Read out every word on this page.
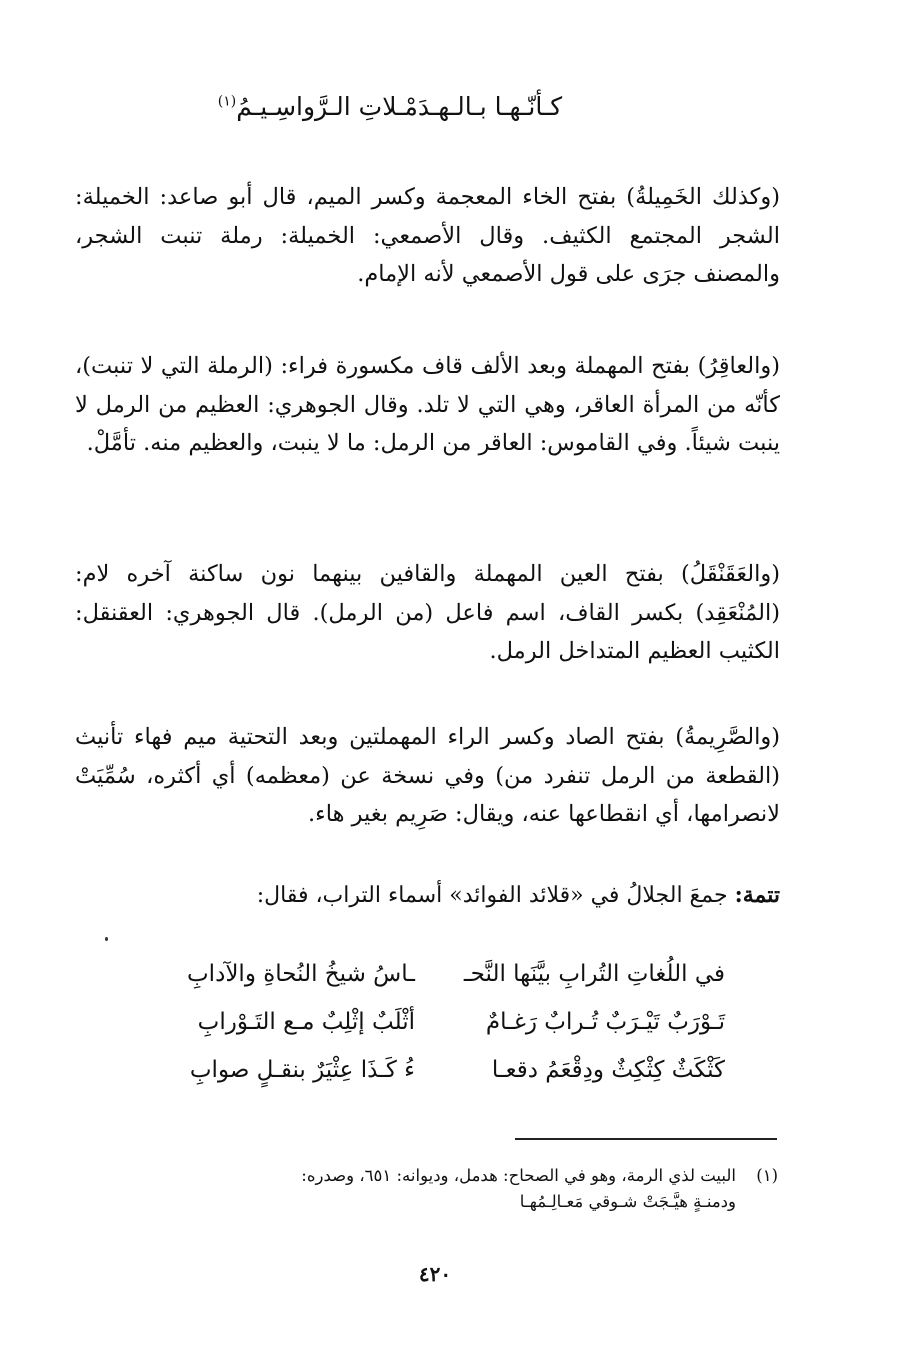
كـأنّـهـا بـالـهـدَمْـلاتِ الـرَّواسِـيـمُ$^{(١)}$
(وكذلك الخَمِيلةُ) بفتح الخاء المعجمة وكسر الميم، قال أبو صاعد: الخميلة: الشجر المجتمع الكثيف. وقال الأصمعي: الخميلة: رملة تنبت الشجر، والمصنف جرَى على قول الأصمعي لأنه الإمام.
(والعاقِرُ) بفتح المهملة وبعد الألف قاف مكسورة فراء: (الرملة التي لا تنبت)، كأنّه من المرأة العاقر، وهي التي لا تلد. وقال الجوهري: العظيم من الرمل لا ينبت شيئاً. وفي القاموس: العاقر من الرمل: ما لا ينبت، والعظيم منه. تأمَّلْ.
(والعَقَنْقَلُ) بفتح العين المهملة والقافين بينهما نون ساكنة آخره لام: (المُنْعَقِد) بكسر القاف، اسم فاعل (من الرمل). قال الجوهري: العقنقل: الكثيب العظيم المتداخل الرمل.
(والصَّرِيمةُ) بفتح الصاد وكسر الراء المهملتين وبعد التحتية ميم فهاء تأنيث (القطعة من الرمل تنفرد من) وفي نسخة عن (معظمه) أي أكثره، سُمِّيَتْ لانصرامها، أي انقطاعها عنه، ويقال: صَرِيم بغير هاء.
تتمة: جمعَ الجلالُ في «قلائد الفوائد» أسماء التراب، فقال:
في اللُغاتِ التُرابِ بيَّنَها النَّحـ
ـاسُ شيخُ النُحاةِ والآدابِ
تَـوْرَبٌ تَيْـرَبٌ تُـرابٌ رَغـامٌ
أثْلَبٌ إثْلِبٌ مـع التَـوْرابِ
كَثْكَثٌ كِثْكِثٌ ودِقْعَمُ دقعـا
ءُ كَـذَا عِثْيَرٌ بنقـلٍ صوابِ
(١)البيت لذي الرمة، وهو في الصحاح: هدمل، وديوانه: ٦٥١، وصدره:
ودمنـةٍ هيَّـجَتْ شـوقي مَعـالِـمُهـا
٤٢٠
